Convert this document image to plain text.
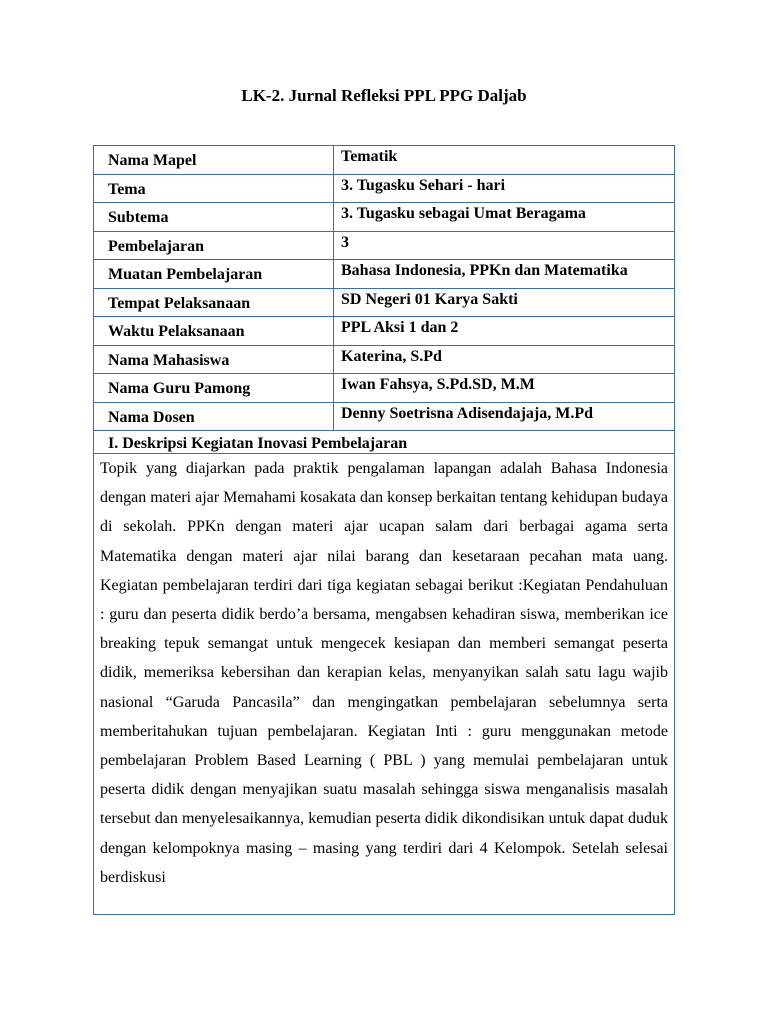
LK-2. Jurnal Refleksi PPL PPG Daljab
Nama Mapel	Tematik
Tema	3. Tugasku Sehari - hari
Subtema	3. Tugasku sebagai Umat Beragama
Pembelajaran	3
Muatan Pembelajaran	Bahasa Indonesia, PPKn dan Matematika
Tempat Pelaksanaan	SD Negeri 01 Karya Sakti
Waktu Pelaksanaan	PPL Aksi 1 dan 2
Nama Mahasiswa	Katerina, S.Pd
Nama Guru Pamong	Iwan Fahsya, S.Pd.SD, M.M
Nama Dosen	Denny Soetrisna Adisendajaja, M.Pd
I. Deskripsi Kegiatan Inovasi Pembelajaran	

Topik yang diajarkan pada praktik pengalaman lapangan adalah Bahasa Indonesia dengan materi ajar Memahami kosakata dan konsep berkaitan tentang kehidupan budaya di sekolah. PPKn dengan materi ajar ucapan salam dari berbagai agama serta Matematika dengan materi ajar nilai barang dan kesetaraan pecahan mata uang. Kegiatan pembelajaran terdiri dari tiga kegiatan sebagai berikut :Kegiatan Pendahuluan : guru dan peserta didik berdo’a bersama, mengabsen kehadiran siswa, memberikan ice breaking tepuk semangat untuk mengecek kesiapan dan memberi semangat peserta didik, memeriksa kebersihan dan kerapian kelas, menyanyikan salah satu lagu wajib nasional “Garuda Pancasila” dan mengingatkan pembelajaran sebelumnya serta memberitahukan tujuan pembelajaran. Kegiatan Inti : guru menggunakan metode pembelajaran Problem Based Learning ( PBL ) yang memulai pembelajaran untuk peserta didik dengan menyajikan suatu masalah sehingga siswa menganalisis masalah tersebut dan menyelesaikannya, kemudian peserta didik dikondisikan untuk dapat duduk dengan kelompoknya masing – masing yang terdiri dari 4 Kelompok. Setelah selesai berdiskusi	
